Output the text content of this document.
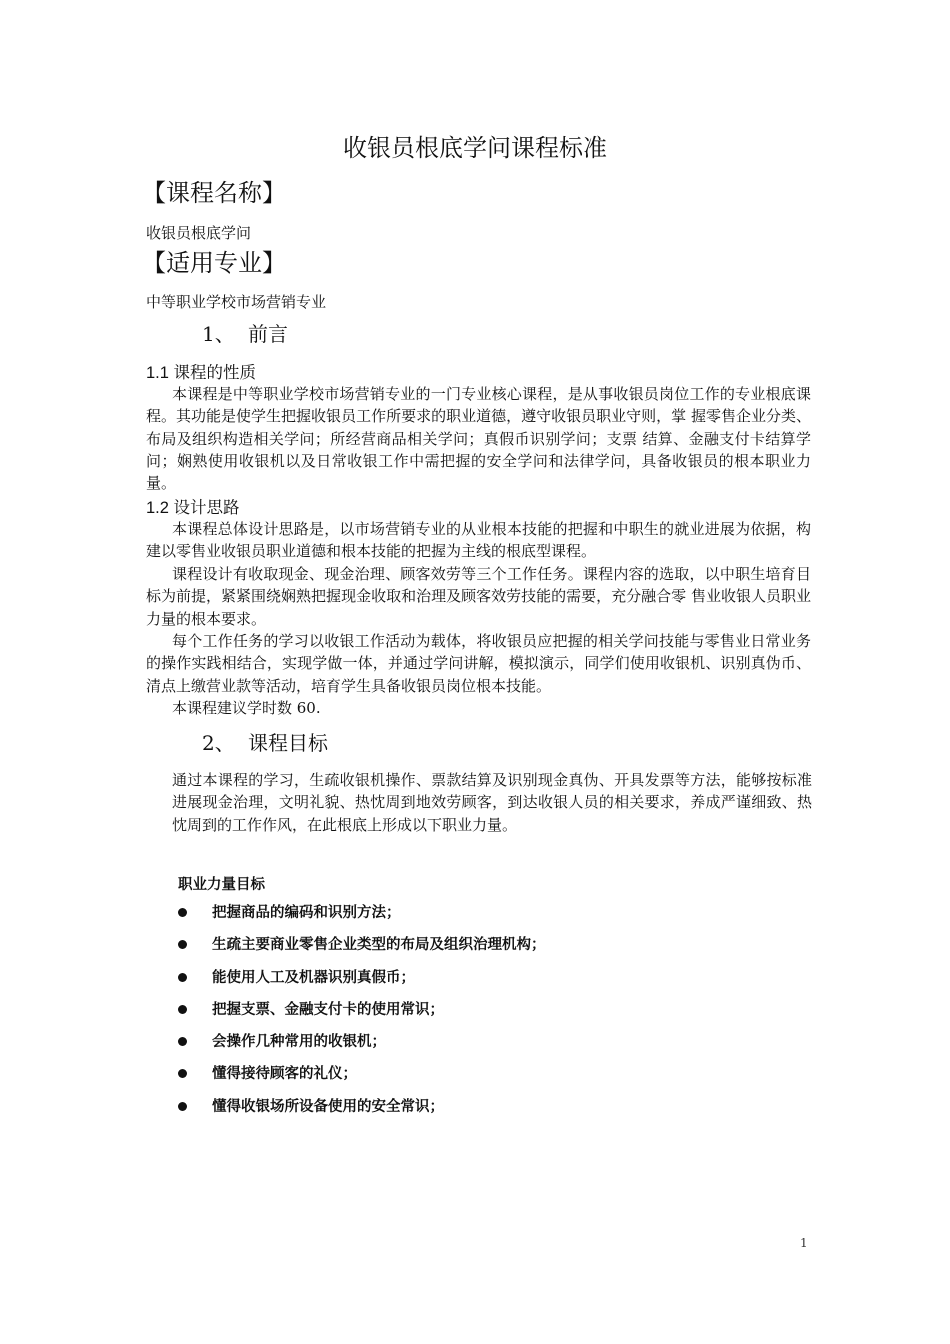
收银员根底学问课程标准
【课程名称】
收银员根底学问
【适用专业】
中等职业学校市场营销专业
1、 前言
1.1 课程的性质

本课程是中等职业学校市场营销专业的一门专业核心课程，是从事收银员岗位工作的专业根底课程。其功能是使学生把握收银员工作所要求的职业道德，遵守收银员职业守则，掌 握零售企业分类、布局及组织构造相关学问；所经营商品相关学问；真假币识别学问；支票 结算、金融支付卡结算学问；娴熟使用收银机以及日常收银工作中需把握的安全学问和法律学问，具备收银员的根本职业力量。

1.2 设计思路

本课程总体设计思路是，以市场营销专业的从业根本技能的把握和中职生的就业进展为依据，构建以零售业收银员职业道德和根本技能的把握为主线的根底型课程。

课程设计有收取现金、现金治理、顾客效劳等三个工作任务。课程内容的选取，以中职生培育目标为前提，紧紧围绕娴熟把握现金收取和治理及顾客效劳技能的需要，充分融合零 售业收银人员职业力量的根本要求。

每个工作任务的学习以收银工作活动为载体，将收银员应把握的相关学问技能与零售业日常业务的操作实践相结合，实现学做一体，并通过学问讲解，模拟演示，同学们使用收银机、识别真伪币、清点上缴营业款等活动，培育学生具备收银员岗位根本技能。

本课程建议学时数 60.

2、 课程目标

通过本课程的学习，生疏收银机操作、票款结算及识别现金真伪、开具发票等方法，能够按标准进展现金治理，文明礼貌、热忱周到地效劳顾客，到达收银人员的相关要求，养成严谨细致、热忱周到的工作作风，在此根底上形成以下职业力量。

职业力量目标
把握商品的编码和识别方法；
生疏主要商业零售企业类型的布局及组织治理机构；
能使用人工及机器识别真假币；
把握支票、金融支付卡的使用常识；
会操作几种常用的收银机；
懂得接待顾客的礼仪；
懂得收银场所设备使用的安全常识；
1
